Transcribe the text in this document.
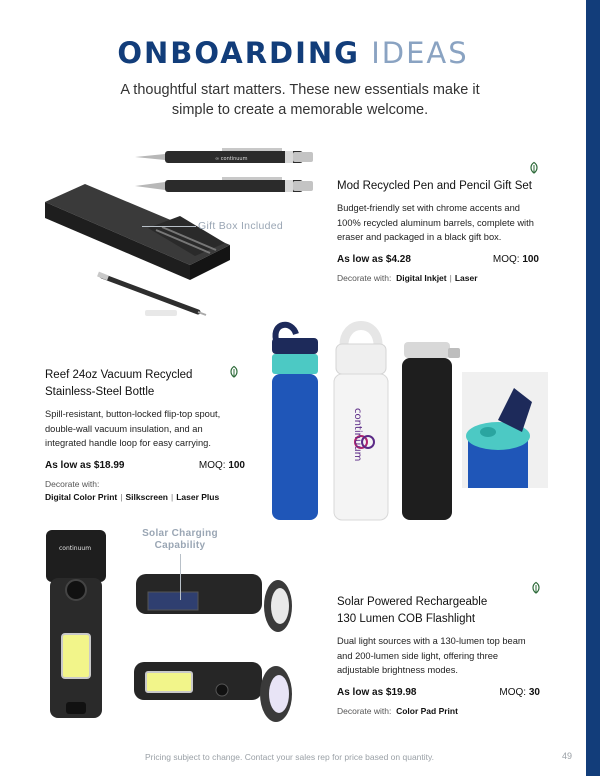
ONBOARDING IDEAS
A thoughtful start matters. These new essentials make it simple to create a memorable welcome.
∞ continuum
Gift Box Included
Mod Recycled Pen and Pencil Gift Set
Budget-friendly set with chrome accents and 100% recycled aluminum barrels, complete with eraser and packaged in a black gift box.
As low as $4.28	MOQ: 100
Decorate with: Digital Inkjet | Laser
continuum
Reef 24oz Vacuum Recycled
Stainless-Steel Bottle
Spill-resistant, button-locked flip-top spout, double-wall vacuum insulation, and an integrated handle loop for easy carrying.
As low as $18.99	MOQ: 100
Decorate with:
Digital Color Print | Silkscreen | Laser Plus
continuum
Solar Charging
Capability
Solar Powered Rechargeable
130 Lumen COB Flashlight
Dual light sources with a 130-lumen top beam and 200-lumen side light, offering three adjustable brightness modes.
As low as $19.98	MOQ: 30
Decorate with: Color Pad Print
Pricing subject to change. Contact your sales rep for price based on quantity.	49
